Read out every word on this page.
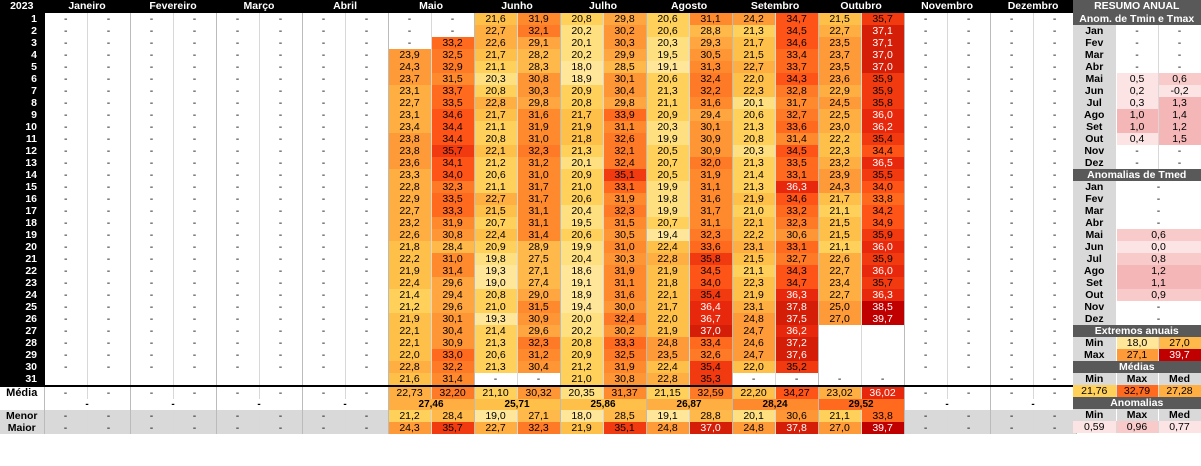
2023	Janeiro		Fevereiro		Março		Abril		Maio		Junho		Julho		Agosto		Setembro		Outubro		Novembro		Dezembro	
1	-	-	-	-	-	-	-	-	-	-	21,6	31,9	20,8	29,8	20,6	31,1	24,2	34,7	21,5	35,7	-	-	-	-
2	-	-	-	-	-	-	-	-	-	-	22,7	32,1	20,2	30,2	20,6	28,8	21,3	34,5	22,7	37,1	-	-	-	-
3	-	-	-	-	-	-	-	-	-	33,2	22,6	29,1	20,1	30,3	20,3	29,3	21,7	34,6	23,5	37,1	-	-	-	-
4	-	-	-	-	-	-	-	-	23,9	32,5	21,7	28,2	20,2	29,9	19,5	30,5	21,5	33,4	23,7	37,0	-	-	-	-
5	-	-	-	-	-	-	-	-	24,3	32,9	21,1	28,3	18,0	28,5	19,1	31,3	22,7	33,7	23,5	37,0	-	-	-	-
6	-	-	-	-	-	-	-	-	23,7	31,5	20,3	30,8	18,9	30,1	20,6	32,4	22,0	34,3	23,6	35,9	-	-	-	-
7	-	-	-	-	-	-	-	-	23,1	33,7	20,8	30,3	20,9	30,4	21,3	32,2	22,3	32,8	22,9	35,9	-	-	-	-
8	-	-	-	-	-	-	-	-	22,7	33,5	22,8	29,8	20,8	29,8	21,1	31,6	20,1	31,7	24,5	35,8	-	-	-	-
9	-	-	-	-	-	-	-	-	23,1	34,6	21,7	31,6	21,7	33,9	20,9	29,4	20,6	32,7	22,5	36,0	-	-	-	-
10	-	-	-	-	-	-	-	-	23,4	34,4	21,1	31,9	21,9	31,1	20,3	30,1	21,3	33,6	23,0	36,2	-	-	-	-
11	-	-	-	-	-	-	-	-	23,8	34,4	20,8	31,0	21,8	32,6	19,9	30,9	20,8	31,4	22,2	35,4	-	-	-	-
12	-	-	-	-	-	-	-	-	23,8	35,7	22,1	32,3	21,3	32,1	20,5	30,9	20,3	34,5	22,3	34,4	-	-	-	-
13	-	-	-	-	-	-	-	-	23,6	34,1	21,2	31,2	20,1	32,4	20,7	32,0	21,3	33,5	23,2	36,5	-	-	-	-
14	-	-	-	-	-	-	-	-	23,3	34,0	20,6	31,0	20,9	35,1	20,5	31,9	21,4	33,1	23,9	35,5	-	-	-	-
15	-	-	-	-	-	-	-	-	22,8	32,3	21,1	31,7	21,0	33,1	19,9	31,1	21,3	36,3	24,3	34,0	-	-	-	-
16	-	-	-	-	-	-	-	-	22,9	33,5	22,7	31,7	20,6	31,9	19,8	31,6	21,9	34,6	21,7	33,8	-	-	-	-
17	-	-	-	-	-	-	-	-	22,7	33,3	21,5	31,1	20,4	32,3	19,9	31,7	21,0	33,2	21,1	34,2	-	-	-	-
18	-	-	-	-	-	-	-	-	23,2	31,9	20,7	31,1	19,5	31,5	20,7	31,1	22,1	32,3	21,5	34,9	-	-	-	-
19	-	-	-	-	-	-	-	-	22,6	30,8	22,4	31,4	20,6	30,5	19,4	32,3	22,2	30,6	21,5	35,9	-	-	-	-
20	-	-	-	-	-	-	-	-	21,8	28,4	20,9	28,9	19,9	31,0	22,4	33,6	23,1	33,1	21,1	36,0	-	-	-	-
21	-	-	-	-	-	-	-	-	22,2	31,0	19,8	27,5	20,4	30,3	22,8	35,8	21,5	32,7	22,6	35,9	-	-	-	-
22	-	-	-	-	-	-	-	-	21,9	31,4	19,3	27,1	18,6	31,9	21,9	34,5	21,1	34,3	22,7	36,0	-	-	-	-
23	-	-	-	-	-	-	-	-	22,4	29,6	19,0	27,4	19,1	31,1	21,8	34,0	22,3	34,7	23,4	35,7	-	-	-	-
24	-	-	-	-	-	-	-	-	21,4	29,4	20,8	29,0	18,9	31,6	22,1	35,4	21,9	36,3	22,7	36,3	-	-	-	-
25	-	-	-	-	-	-	-	-	21,2	29,6	21,0	31,5	19,4	30,0	21,7	36,4	23,1	37,8	25,0	38,5	-	-	-	-
26	-	-	-	-	-	-	-	-	21,9	30,1	19,3	30,9	20,0	32,4	22,0	36,7	24,8	37,5	27,0	39,7	-	-	-	-
27	-	-	-	-	-	-	-	-	22,1	30,4	21,4	29,6	20,2	30,2	21,9	37,0	24,7	36,2			-	-	-	-
28	-	-	-	-	-	-	-	-	22,1	30,9	21,3	32,3	20,8	33,3	24,8	33,4	24,6	37,2			-	-	-	-
29	-	-	-	-	-	-	-	-	22,0	33,0	20,6	31,2	20,9	32,5	23,5	32,6	24,7	37,6			-	-	-	-
30	-	-	-	-	-	-	-	-	22,8	32,2	21,3	30,4	21,2	31,9	22,4	35,4	22,0	35,2			-	-	-	-
31									21,6	31,4	-	-	21,0	30,8	22,8	35,3	-	-	-	-			-	-
Média	-	-	-	-	-	-	-	-	22,73	32,20	21,10	30,32	20,35	31,37	21,15	32,59	22,20	34,27	23,02	36,02	-	-	-	-
	-		-		-		-		27,46		25,71		25,86		26,87		28,24		29,52		-		-	
Menor	-	-	-	-	-	-	-	-	21,2	28,4	19,0	27,1	18,0	28,5	19,1	28,8	20,1	30,6	21,1	33,8	-	-	-	-
Maior	-	-	-	-	-	-	-	-	24,3	35,7	22,7	32,3	21,9	35,1	24,8	37,0	24,8	37,8	27,0	39,7	-	-	-	-
RESUMO ANUAL		
Anom. de Tmin e Tmax		
Jan	-	-
Fev	-	-
Mar	-	-
Abr	-	-
Mai	0,5	0,6
Jun	0,2	-0,2
Jul	0,3	1,3
Ago	1,0	1,4
Set	1,0	1,2
Out	0,4	1,5
Nov	-	-
Dez	-	-
Anomalias de Tmed		
Jan	-	
Fev	-	
Mar	-	
Abr	-	
Mai	0,6	
Jun	0,0	
Jul	0,8	
Ago	1,2	
Set	1,1	
Out	0,9	
Nov	-	
Dez	-	
Extremos anuais		
Min	18,0	27,0
Max	27,1	39,7
Médias		
Min	Max	Med
21,76	32,79	27,28
Anomalias		
Min	Max	Med
0,59	0,96	0,77
